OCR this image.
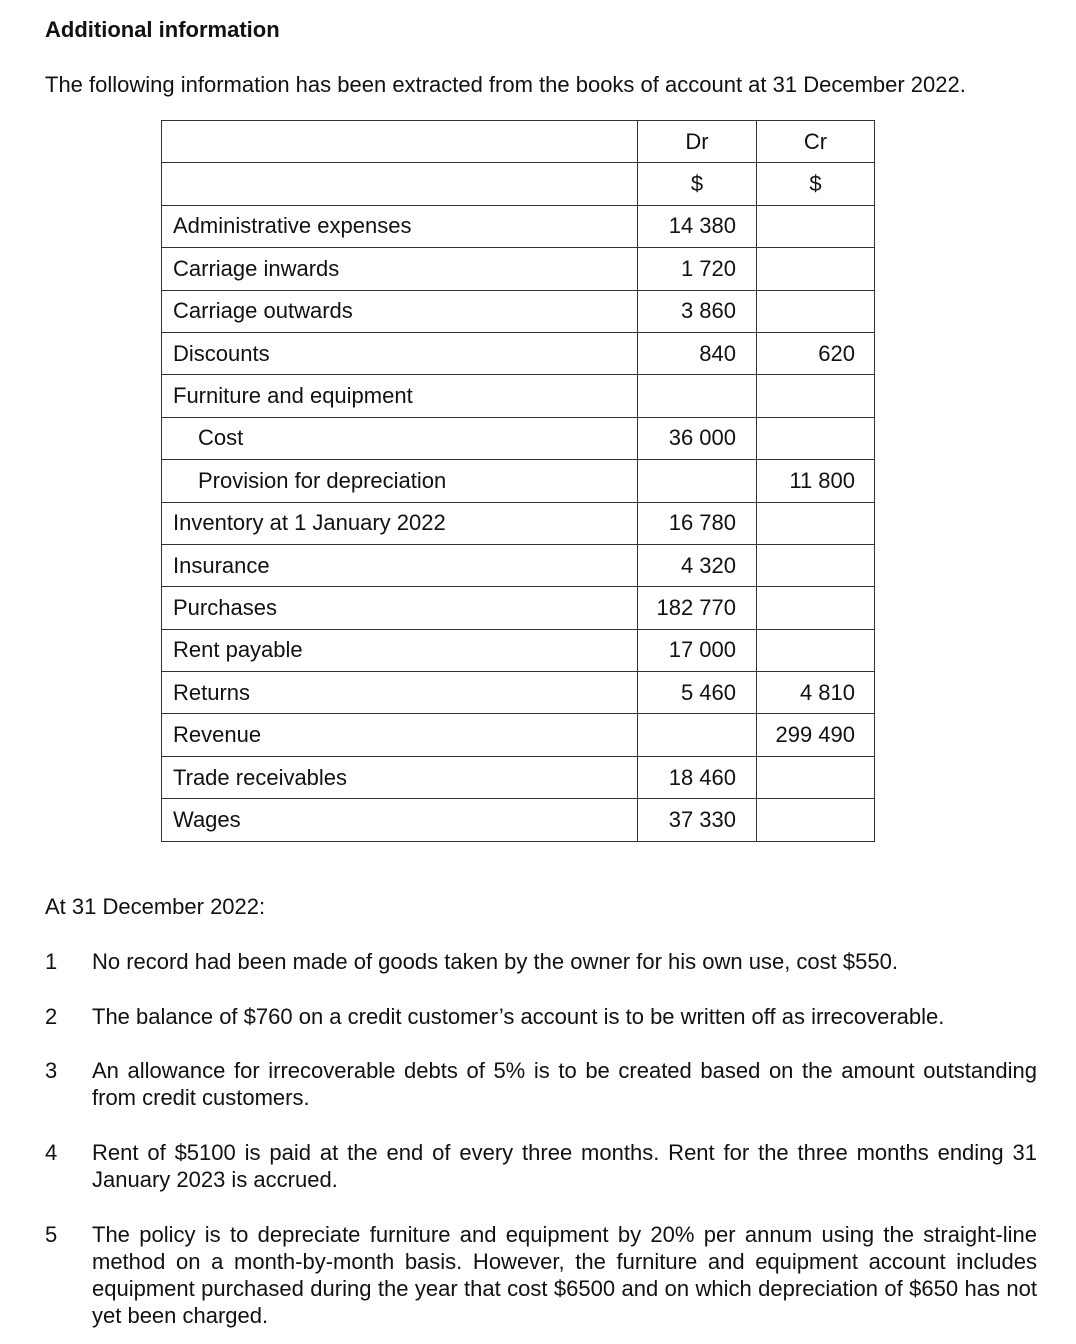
Additional information
The following information has been extracted from the books of account at 31 December 2022.
	Dr	Cr
	$	$
Administrative expenses	14 380	
Carriage inwards	1 720	
Carriage outwards	3 860	
Discounts	840	620
Furniture and equipment		
Cost	36 000	
Provision for depreciation		11 800
Inventory at 1 January 2022	16 780	
Insurance	4 320	
Purchases	182 770	
Rent payable	17 000	
Returns	5 460	4 810
Revenue		299 490
Trade receivables	18 460	
Wages	37 330	
At 31 December 2022:
1 No record had been made of goods taken by the owner for his own use, cost $550.
2 The balance of $760 on a credit customer’s account is to be written off as irrecoverable.
3 An allowance for irrecoverable debts of 5% is to be created based on the amount outstanding from credit customers.
4 Rent of $5100 is paid at the end of every three months. Rent for the three months ending 31 January 2023 is accrued.
5 The policy is to depreciate furniture and equipment by 20% per annum using the straight-line method on a month-by-month basis. However, the furniture and equipment account includes equipment purchased during the year that cost $6500 and on which depreciation of $650 has not yet been charged.
